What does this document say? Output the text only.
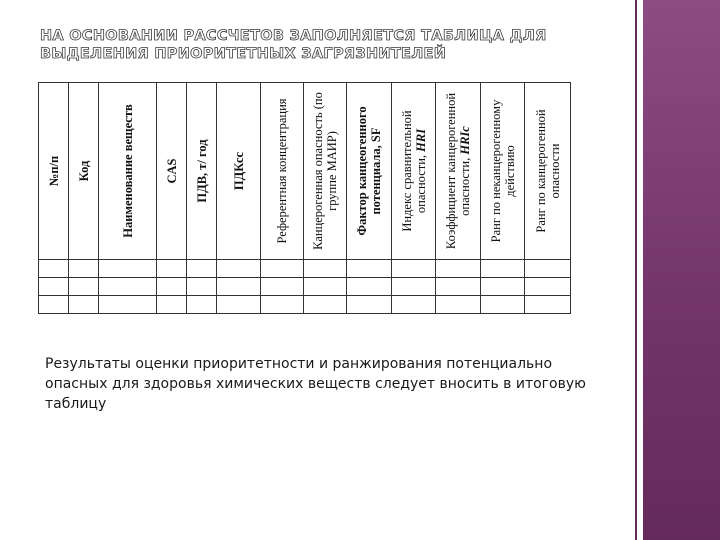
НА ОСНОВАНИИ РАССЧЕТОВ ЗАПОЛНЯЕТСЯ ТАБЛИЦА ДЛЯ ВЫДЕЛЕНИЯ ПРИОРИТЕТНЫХ ЗАГРЯЗНИТЕЛЕЙ
№п/п	Код	Наименование веществ	CAS	ПДВ, т/ год	ПДКсс	Референтная концентрация	Канцерогенная опасность (по группе МАИР)	Фактор канцеогенного потенциала, SF	Индекс сравнительной опасности, HRI	Коэффициент канцерогенной опасности, HRIc	Ранг по неканцерогенному действию	Ранг по канцерогенной опасности

Результаты оценки приоритетности и ранжирования потенциально опасных для здоровья химических веществ следует вносить в итоговую таблицу
